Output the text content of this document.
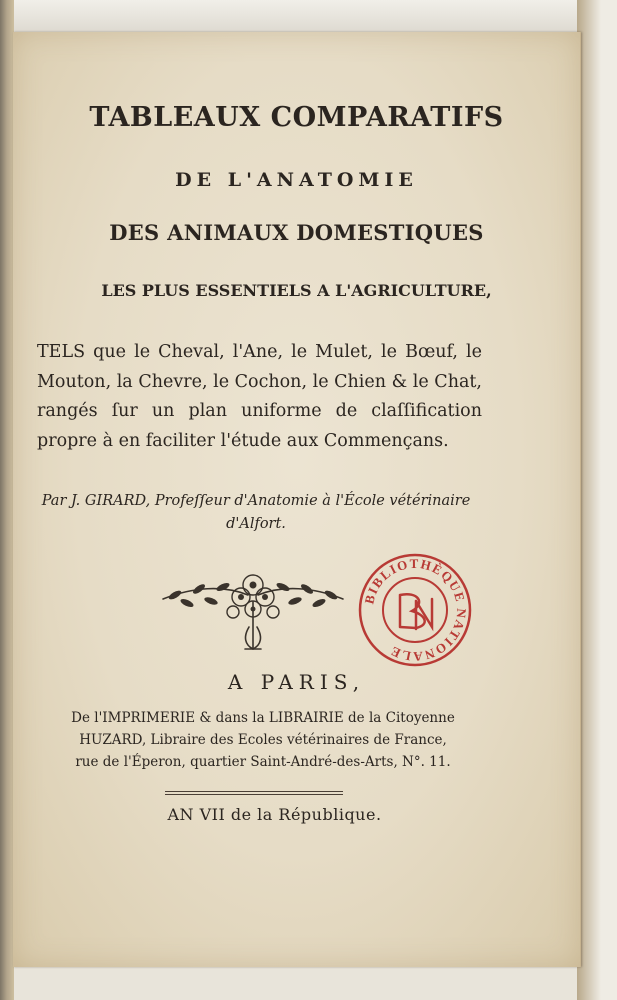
TABLEAUX COMPARATIFS
DE L'ANATOMIE
DES ANIMAUX DOMESTIQUES
LES PLUS ESSENTIELS A L'AGRICULTURE,

TELS que le Cheval, l'Ane, le Mulet, le Bœuf, le Mouton, la Chevre, le Cochon, le Chien & le Chat, rangés ſur un plan uniforme de claſſification propre à en faciliter l'étude aux Commençans.

Par J. GIRARD, Profeſſeur d'Anatomie à l'École vétérinaire d'Alfort.

BIBLIOTHÈQUE NATIONALE
A PARIS,
De l'IMPRIMERIE & dans la LIBRAIRIE de la Citoyenne
HUZARD, Libraire des Ecoles vétérinaires de France,
rue de l'Éperon, quartier Saint-André-des-Arts, N°. 11.
AN VII de la République.
